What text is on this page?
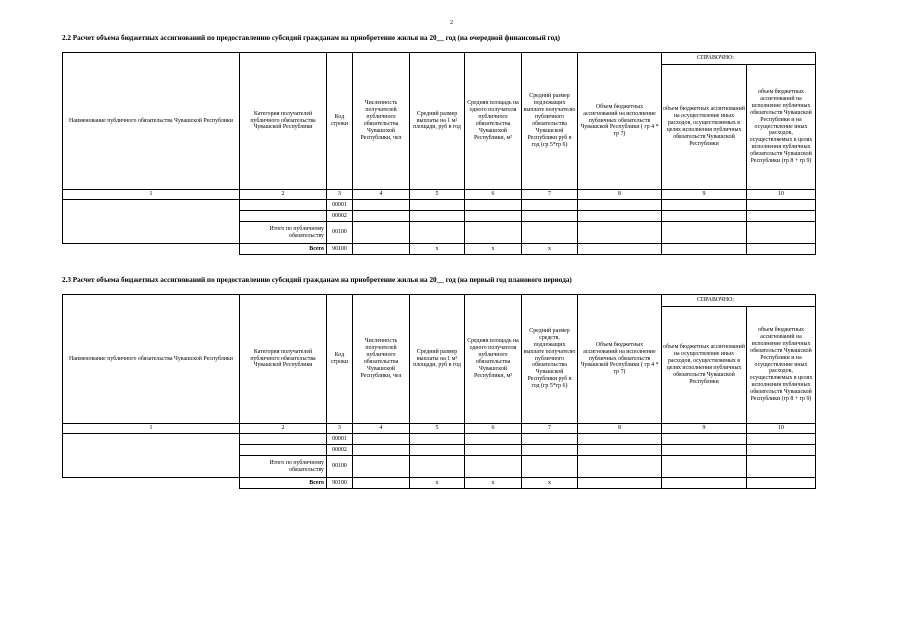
2
2.2 Расчет объема бюджетных ассигнований по предоставлению субсидий гражданам на приобретение жилья на 20__ год (на очередной финансовый год)
Наименование публичного обязательства Чувашской Республики	Категория получателей публичного обязательства Чувашской Республики	Код строки	Численность получателей публичного обязательства Чувашской Республики, чел	Средний размер выплаты на 1 м² площади, руб в год	Средняя площадь на одного получателя публичного обязательства Чувашской Республики, м²	Средний размер подлежащих выплате получателю публичного обязательства Чувашской Республики руб в год (гр 5*гр 6)	Объем бюджетных ассигнований на исполнение публичных обязательств Чувашской Республики ( гр 4 * гр 7)	СПРАВОЧНО:	
								объем бюджетных ассигнований на осуществление иных расходов, осуществляемых в целях исполнения публичных обязательств Чувашской Республики	объем бюджетных ассигнований на исполнение публичных обязательств Чувашской Республики и на осуществление иных расходов, осуществляемых в целях исполнения публичных обязательств Чувашской Республики (гр 8 + гр 9)
1	2	3	4	5	6	7	8	9	10
		00001							
		00002							
	Итого по публичному обязательству	00100							
	Всего	90100		x	x	x			
2.3 Расчет объема бюджетных ассигнований по предоставлению субсидий гражданам на приобретение жилья на 20__ год (на первый год планового периода)
Наименование публичного обязательства Чувашской Республики	Категория получателей публичного обязательства Чувашской Республики	Код строки	Численность получателей публичного обязательства Чувашской Республики, чел	Средний размер выплаты на 1 м² площади, руб в год	Средняя площадь на одного получателя публичного обязательства Чувашской Республики, м²	Средний размер средств, подлежащих выплате получателю публичного обязательства Чувашской Республики руб в год (гр 5*гр 6)	Объем бюджетных ассигнований на исполнение публичных обязательств Чувашской Республики ( гр 4 * гр 7)	СПРАВОЧНО:	
								объем бюджетных ассигнований на осуществление иных расходов, осуществляемых в целях исполнения публичных обязательств Чувашской Республики	объем бюджетных ассигнований на исполнение публичных обязательств Чувашской Республики и на осуществление иных расходов, осуществляемых в целях исполнения публичных обязательств Чувашской Республики (гр 8 + гр 9)
1	2	3	4	5	6	7	8	9	10
		00001							
		00002							
	Итого по публичному обязательству	00100							
	Всего	90100		x	x	x			
